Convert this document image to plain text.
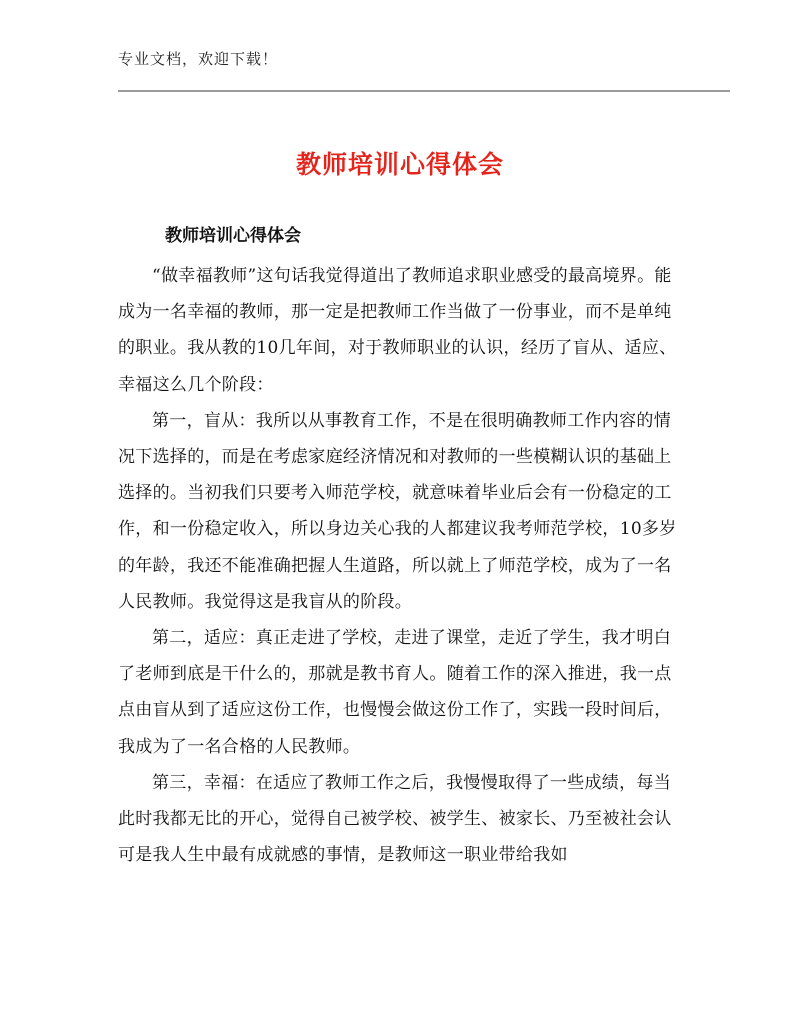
专业文档，欢迎下载！
教师培训心得体会
教师培训心得体会

“做幸福教师”这句话我觉得道出了教师追求职业感受的最高境界。能成为一名幸福的教师，那一定是把教师工作当做了一份事业，而不是单纯的职业。我从教的10几年间，对于教师职业的认识，经历了盲从、适应、幸福这么几个阶段：

第一，盲从：我所以从事教育工作，不是在很明确教师工作内容的情况下选择的，而是在考虑家庭经济情况和对教师的一些模糊认识的基础上选择的。当初我们只要考入师范学校，就意味着毕业后会有一份稳定的工作，和一份稳定收入，所以身边关心我的人都建议我考师范学校，10多岁的年龄，我还不能准确把握人生道路，所以就上了师范学校，成为了一名人民教师。我觉得这是我盲从的阶段。

第二，适应：真正走进了学校，走进了课堂，走近了学生，我才明白了老师到底是干什么的，那就是教书育人。随着工作的深入推进，我一点点由盲从到了适应这份工作，也慢慢会做这份工作了，实践一段时间后，我成为了一名合格的人民教师。

第三，幸福：在适应了教师工作之后，我慢慢取得了一些成绩，每当此时我都无比的开心，觉得自己被学校、被学生、被家长、乃至被社会认可是我人生中最有成就感的事情，是教师这一职业带给我如
